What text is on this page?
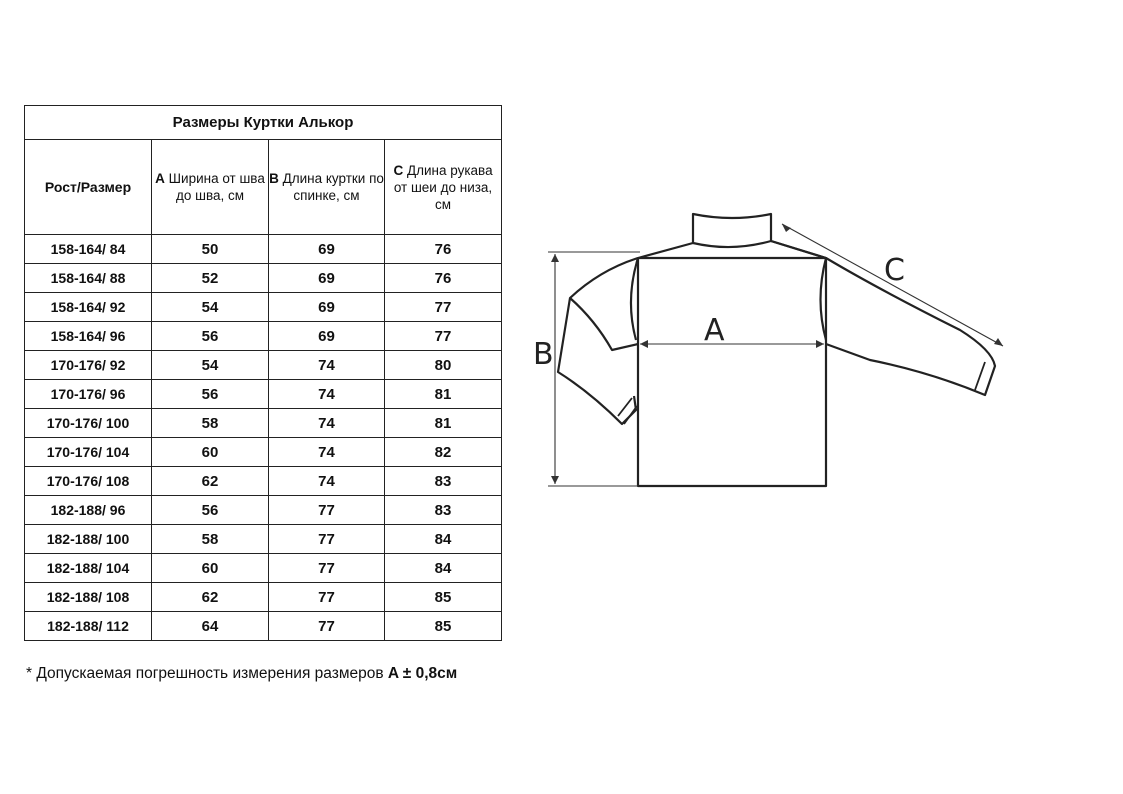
Размеры Куртки Алькор			
Рост/Размер	A Ширина от шва до шва, см	B Длина куртки по спинке, см	C Длина рукава от шеи до низа, см
158-164/ 84	50	69	76
158-164/ 88	52	69	76
158-164/ 92	54	69	77
158-164/ 96	56	69	77
170-176/ 92	54	74	80
170-176/ 96	56	74	81
170-176/ 100	58	74	81
170-176/ 104	60	74	82
170-176/ 108	62	74	83
182-188/ 96	56	77	83
182-188/ 100	58	77	84
182-188/ 104	60	77	84
182-188/ 108	62	77	85
182-188/ 112	64	77	85
* Допускаемая погрешность измерения размеров A ± 0,8см
A
B
C
